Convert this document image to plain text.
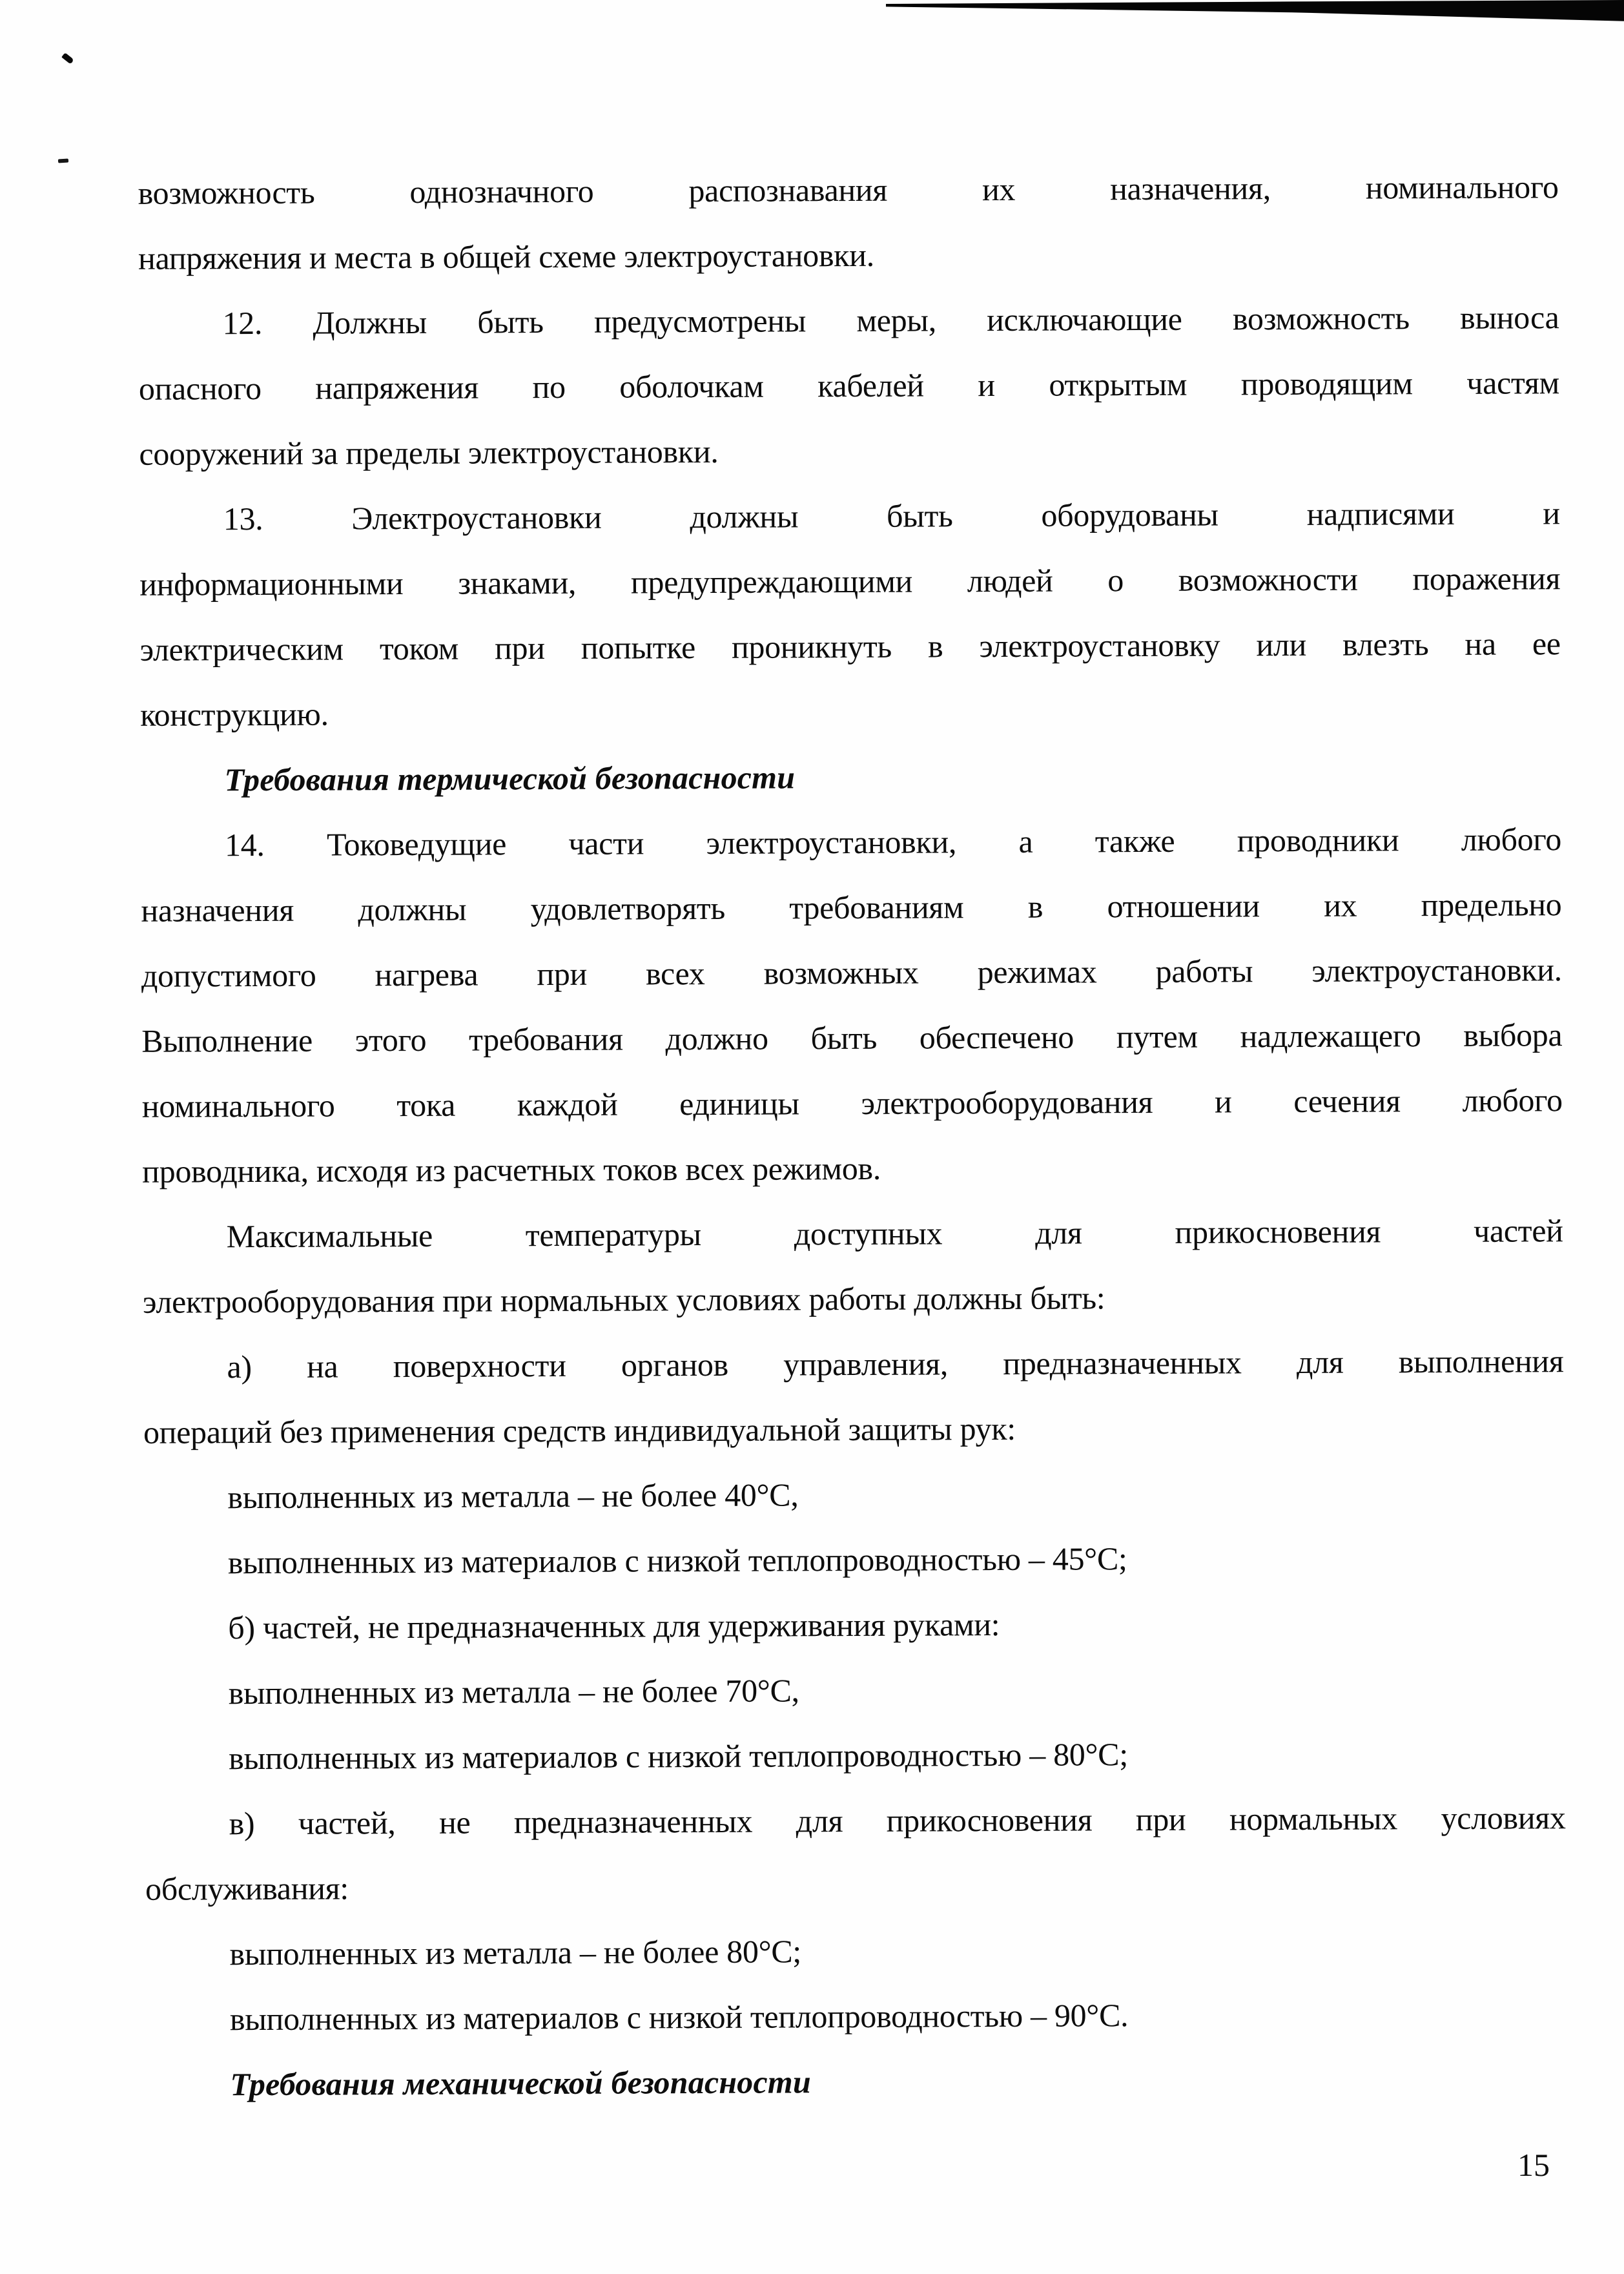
возможность однозначного распознавания их назначения, номинального
напряжения и места в общей схеме электроустановки.
12. Должны быть предусмотрены меры, исключающие возможность выноса
опасного напряжения по оболочкам кабелей и открытым проводящим частям
сооружений за пределы электроустановки.
13. Электроустановки должны быть оборудованы надписями и
информационными знаками, предупреждающими людей о возможности поражения
электрическим током при попытке проникнуть в электроустановку или влезть на ее
конструкцию.
Требования термической безопасности
14. Токоведущие части электроустановки, а также проводники любого
назначения должны удовлетворять требованиям в отношении их предельно
допустимого нагрева при всех возможных режимах работы электроустановки.
Выполнение этого требования должно быть обеспечено путем надлежащего выбора
номинального тока каждой единицы электрооборудования и сечения любого
проводника, исходя из расчетных токов всех режимов.
Максимальные температуры доступных для прикосновения частей
электрооборудования при нормальных условиях работы должны быть:
а) на поверхности органов управления, предназначенных для выполнения
операций без применения средств индивидуальной защиты рук:
выполненных из металла – не более 40°С,
выполненных из материалов с низкой теплопроводностью – 45°С;
б) частей, не предназначенных для удерживания руками:
выполненных из металла – не более 70°С,
выполненных из материалов с низкой теплопроводностью – 80°С;
в) частей, не предназначенных для прикосновения при нормальных условиях
обслуживания:
выполненных из металла – не более 80°С;
выполненных из материалов с низкой теплопроводностью – 90°С.
Требования механической безопасности
15
